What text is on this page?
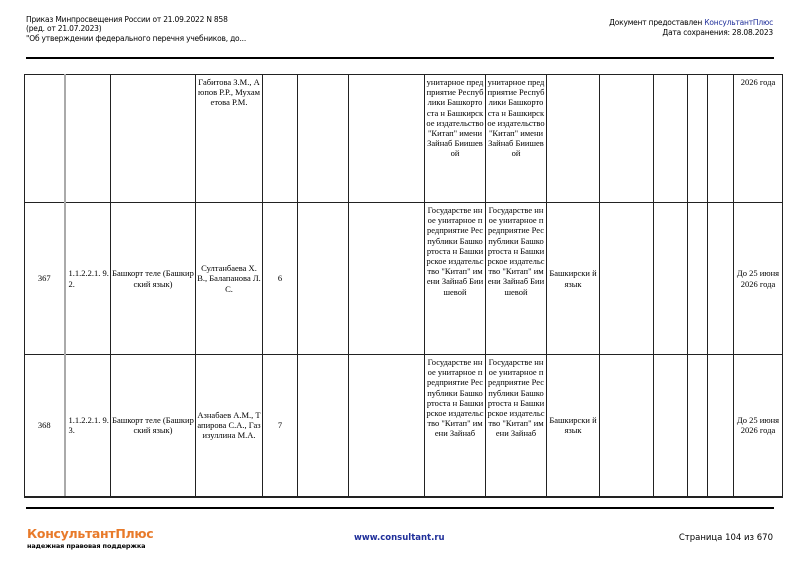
Приказ Минпросвещения России от 21.09.2022 N 858
(ред. от 21.07.2023)
"Об утверждении федерального перечня учебников, до...
Документ предоставлен КонсультантПлюс
Дата сохранения: 28.08.2023
			Габитова З.М., Аюпов Р.Р., Мухаметова Р.М.				унитарное предприятие Республики Башкортоста н Башкирское издательство "Китап" имени Зайнаб Биишевой	унитарное предприятие Республики Башкортоста н Башкирское издательство "Китап" имени Зайнаб Биишевой						2026 года
367	1.1.2.2.1. 9.2.	Башкорт теле (Башкирский язык)	Султанбаева Х.В., Балапанова Л.С.	6			Государстве нное унитарное предприятие Республики Башкортоста н Башкирское издательство "Китап" имени Зайнаб Биишевой	Государстве нное унитарное предприятие Республики Башкортоста н Башкирское издательство "Китап" имени Зайнаб Биишевой	Башкирски й язык					До 25 июня 2026 года
368	1.1.2.2.1. 9.3.	Башкорт теле (Башкирский язык)	Азнабаев А.М., Тапирова С.А., Газизуллина М.А.	7			Государстве нное унитарное предприятие Республики Башкортоста н Башкирское издательство "Китап" имени Зайнаб	Государстве нное унитарное предприятие Республики Башкортоста н Башкирское издательство "Китап" имени Зайнаб	Башкирски й язык					До 25 июня 2026 года
КонсультантПлюс
надежная правовая поддержка
www.consultant.ru	Страница 104 из 670
